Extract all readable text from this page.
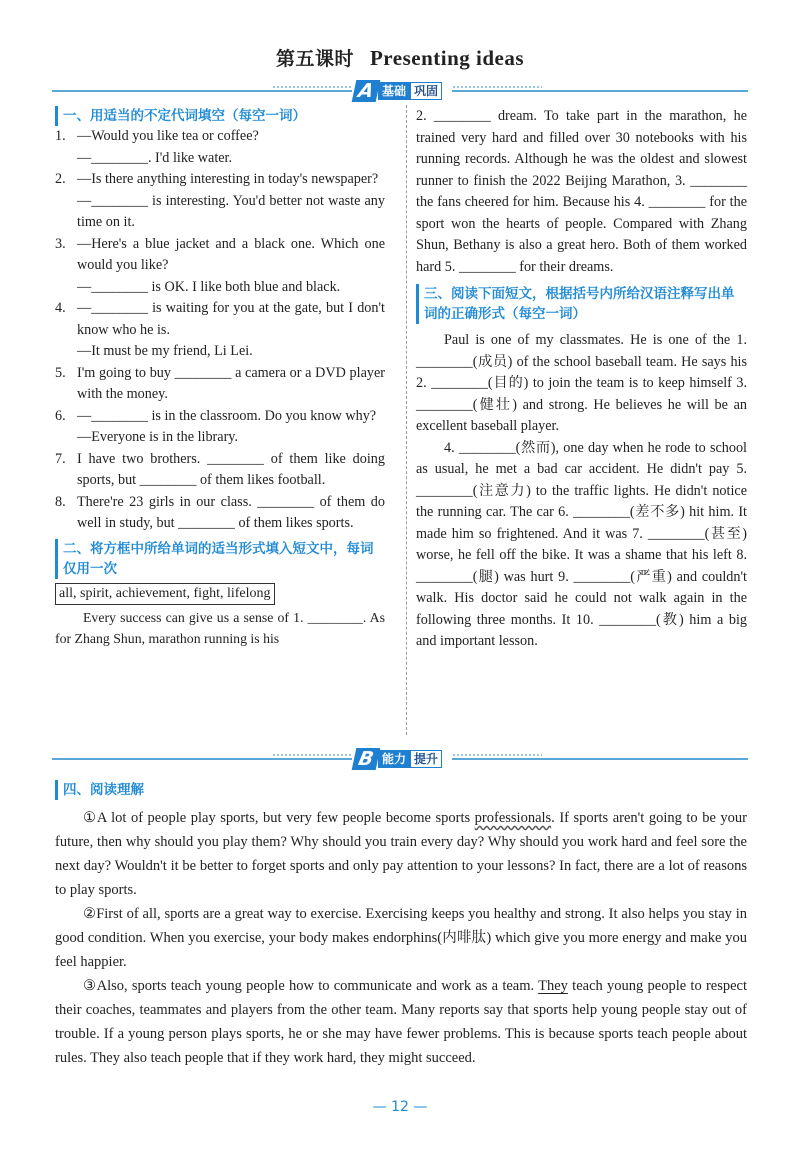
第五课时 Presenting ideas
A 基础 巩固
一、用适当的不定代词填空（每空一词）
1. —Would you like tea or coffee?
—________. I'd like water.
2. —Is there anything interesting in today's newspaper?
—________ is interesting. You'd better not waste any time on it.
3. —Here's a blue jacket and a black one. Which one would you like?
—________ is OK. I like both blue and black.
4. —________ is waiting for you at the gate, but I don't know who he is.
—It must be my friend, Li Lei.
5. I'm going to buy ________ a camera or a DVD player with the money.
6. —________ is in the classroom. Do you know why?
—Everyone is in the library.
7. I have two brothers. ________ of them like doing sports, but ________ of them likes football.
8. There're 23 girls in our class. ________ of them do well in study, but ________ of them likes sports.
二、将方框中所给单词的适当形式填入短文中，每词仅用一次
all, spirit, achievement, fight, lifelong
Every success can give us a sense of 1. ________. As for Zhang Shun, marathon running is his
2. ________ dream. To take part in the marathon, he trained very hard and filled over 30 notebooks with his running records. Although he was the oldest and slowest runner to finish the 2022 Beijing Marathon, 3. ________ the fans cheered for him. Because his 4. ________ for the sport won the hearts of people. Compared with Zhang Shun, Bethany is also a great hero. Both of them worked hard 5. ________ for their dreams.
三、阅读下面短文，根据括号内所给汉语注释写出单词的正确形式（每空一词）
Paul is one of my classmates. He is one of the 1. ________(成员) of the school baseball team. He says his 2. ________(目的) to join the team is to keep himself 3. ________(健壮) and strong. He believes he will be an excellent baseball player.
4. ________(然而), one day when he rode to school as usual, he met a bad car accident. He didn't pay 5. ________(注意力) to the traffic lights. He didn't notice the running car. The car 6. ________(差不多) hit him. It made him so frightened. And it was 7. ________(甚至) worse, he fell off the bike. It was a shame that his left 8. ________(腿) was hurt 9. ________(严重) and couldn't walk. His doctor said he could not walk again in the following three months. It 10. ________(教) him a big and important lesson.
B 能力 提升
四、阅读理解
①A lot of people play sports, but very few people become sports professionals. If sports aren't going to be your future, then why should you play them? Why should you train every day? Why should you work hard and feel sore the next day? Wouldn't it be better to forget sports and only pay attention to your lessons? In fact, there are a lot of reasons to play sports.
②First of all, sports are a great way to exercise. Exercising keeps you healthy and strong. It also helps you stay in good condition. When you exercise, your body makes endorphins(内啡肽) which give you more energy and make you feel happier.
③Also, sports teach young people how to communicate and work as a team. They teach young people to respect their coaches, teammates and players from the other team. Many reports say that sports help young people stay out of trouble. If a young person plays sports, he or she may have fewer problems. This is because sports teach people about rules. They also teach people that if they work hard, they might succeed.
— 12 —
